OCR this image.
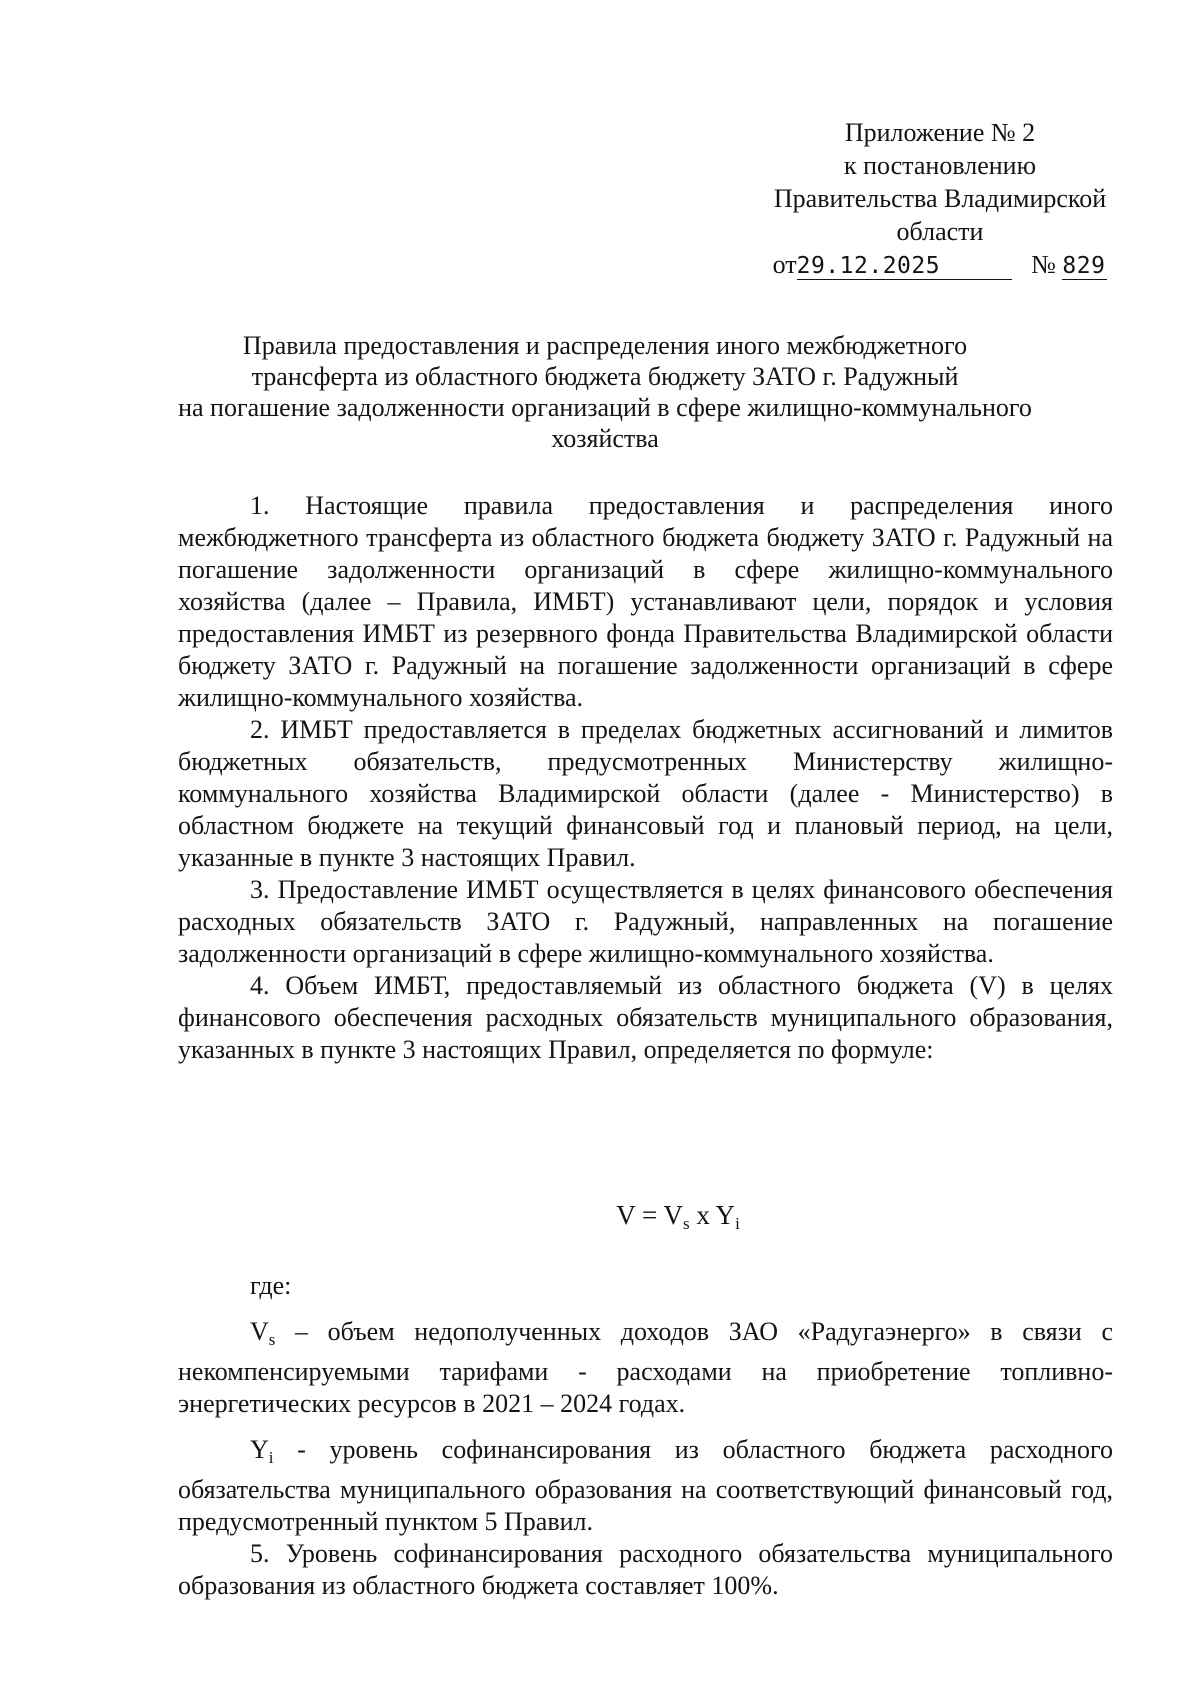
Приложение № 2
к постановлению
Правительства Владимирской
области
от29.12.2025	№ 829
Правила предоставления и распределения иного межбюджетного
трансферта из областного бюджета бюджету ЗАТО г. Радужный
на погашение задолженности организаций в сфере жилищно-коммунального
хозяйства

1. Настоящие правила предоставления и распределения иного межбюджетного трансферта из областного бюджета бюджету ЗАТО г. Радужный на погашение задолженности организаций в сфере жилищно-коммунального хозяйства (далее – Правила, ИМБТ) устанавливают цели, порядок и условия предоставления ИМБТ из резервного фонда Правительства Владимирской области бюджету ЗАТО г. Радужный на погашение задолженности организаций в сфере жилищно-коммунального хозяйства.

2. ИМБТ предоставляется в пределах бюджетных ассигнований и лимитов бюджетных обязательств, предусмотренных Министерству жилищно-коммунального хозяйства Владимирской области (далее - Министерство) в областном бюджете на текущий финансовый год и плановый период, на цели, указанные в пункте 3 настоящих Правил.

3. Предоставление ИМБТ осуществляется в целях финансового обеспечения расходных обязательств ЗАТО г. Радужный, направленных на погашение задолженности организаций в сфере жилищно-коммунального хозяйства.

4. Объем ИМБТ, предоставляемый из областного бюджета (V) в целях финансового обеспечения расходных обязательств муниципального образования, указанных в пункте 3 настоящих Правил, определяется по формуле:

$V = V_s$ x $Y_i$

где:

$V_s$ – объем недополученных доходов ЗАО «Радугаэнерго» в связи с некомпенсируемыми тарифами - расходами на приобретение топливно-энергетических ресурсов в 2021 – 2024 годах.

$Y_i$ - уровень софинансирования из областного бюджета расходного обязательства муниципального образования на соответствующий финансовый год, предусмотренный пунктом 5 Правил.

5. Уровень софинансирования расходного обязательства муниципального образования из областного бюджета составляет 100%.
